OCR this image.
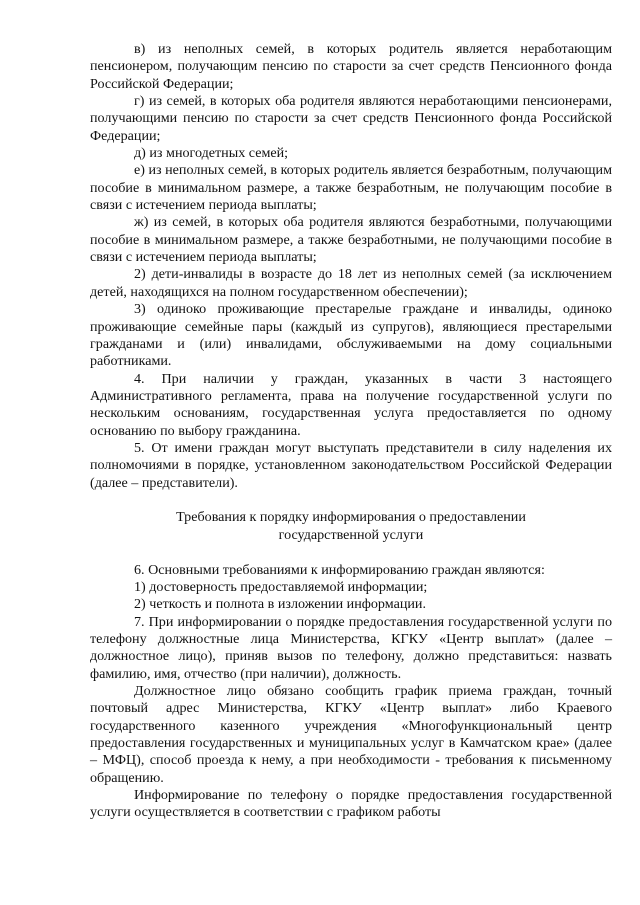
в) из неполных семей, в которых родитель является неработающим пенсионером, получающим пенсию по старости за счет средств Пенсионного фонда Российской Федерации;

г) из семей, в которых оба родителя являются неработающими пенсионерами, получающими пенсию по старости за счет средств Пенсионного фонда Российской Федерации;

д) из многодетных семей;

е) из неполных семей, в которых родитель является безработным, получающим пособие в минимальном размере, а также безработным, не получающим пособие в связи с истечением периода выплаты;

ж) из семей, в которых оба родителя являются безработными, получающими пособие в минимальном размере, а также безработными, не получающими пособие в связи с истечением периода выплаты;

2) дети-инвалиды в возрасте до 18 лет из неполных семей (за исключением детей, находящихся на полном государственном обеспечении);

3) одиноко проживающие престарелые граждане и инвалиды, одиноко проживающие семейные пары (каждый из супругов), являющиеся престарелыми гражданами и (или) инвалидами, обслуживаемыми на дому социальными работниками.

4. При наличии у граждан, указанных в части 3 настоящего Административного регламента, права на получение государственной услуги по нескольким основаниям, государственная услуга предоставляется по одному основанию по выбору гражданина.

5. От имени граждан могут выступать представители в силу наделения их полномочиями в порядке, установленном законодательством Российской Федерации (далее – представители).

Требования к порядку информирования о предоставлении

государственной услуги

6. Основными требованиями к информированию граждан являются:

1) достоверность предоставляемой информации;

2) четкость и полнота в изложении информации.

7. При информировании о порядке предоставления государственной услуги по телефону должностные лица Министерства, КГКУ «Центр выплат» (далее – должностное лицо), приняв вызов по телефону, должно представиться: назвать фамилию, имя, отчество (при наличии), должность.

Должностное лицо обязано сообщить график приема граждан, точный почтовый адрес Министерства, КГКУ «Центр выплат» либо Краевого государственного казенного учреждения «Многофункциональный центр предоставления государственных и муниципальных услуг в Камчатском крае» (далее – МФЦ), способ проезда к нему, а при необходимости - требования к письменному обращению.

Информирование по телефону о порядке предоставления государственной услуги осуществляется в соответствии с графиком работы
